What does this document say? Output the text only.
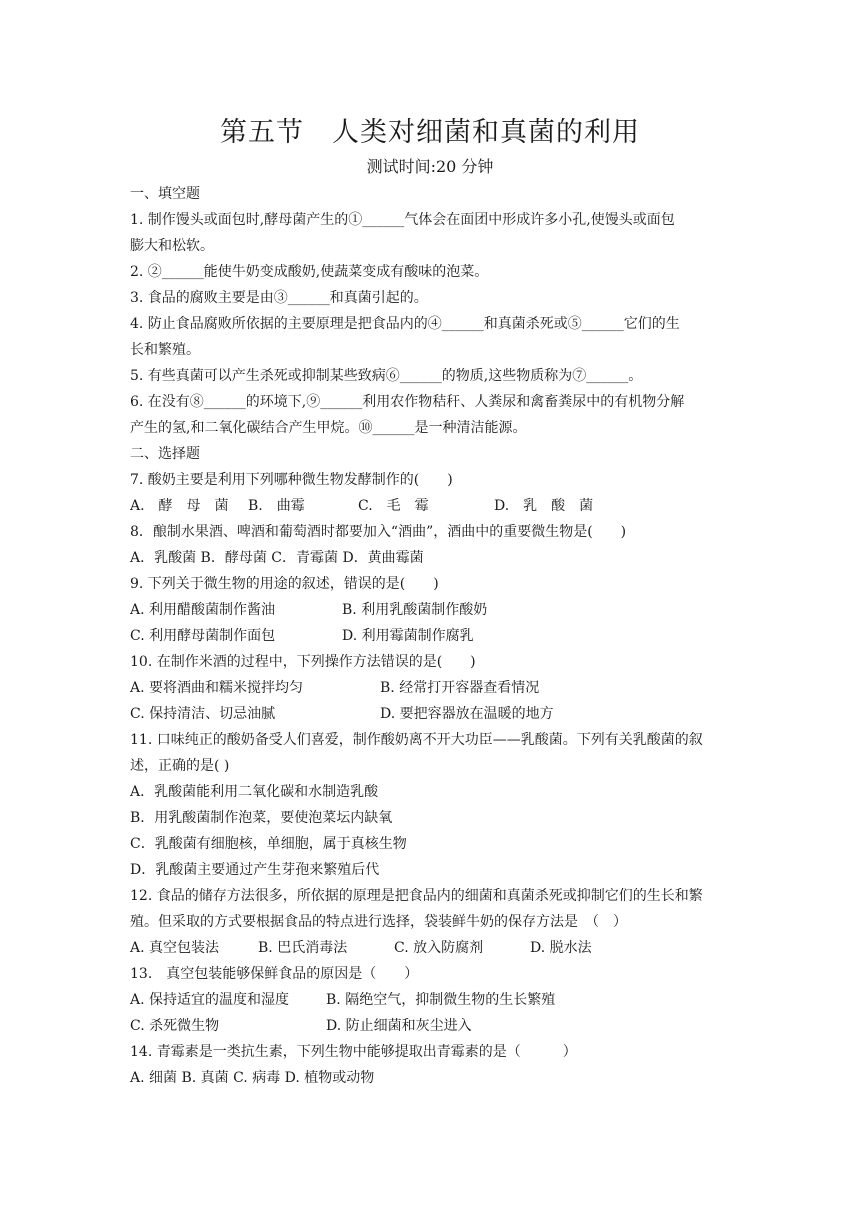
第五节　人类对细菌和真菌的利用
测试时间:20 分钟
一、填空题
1. 制作馒头或面包时,酵母菌产生的①______气体会在面团中形成许多小孔,使馒头或面包
膨大和松软。
2. ②______能使牛奶变成酸奶,使蔬菜变成有酸味的泡菜。
3. 食品的腐败主要是由③______和真菌引起的。
4. 防止食品腐败所依据的主要原理是把食品内的④______和真菌杀死或⑤______它们的生
长和繁殖。
5. 有些真菌可以产生杀死或抑制某些致病⑥______的物质,这些物质称为⑦______。
6. 在没有⑧______的环境下,⑨______利用农作物秸秆、人粪尿和禽畜粪尿中的有机物分解
产生的氢,和二氧化碳结合产生甲烷。⑩______是一种清洁能源。
二、选择题
7. 酸奶主要是利用下列哪种微生物发酵制作的(　　)
A.　酵　母　菌	B.　曲霉	C.　毛　霉	D.　乳　酸　菌
8．酿制水果酒、啤酒和葡萄酒时都要加入“酒曲”，酒曲中的重要微生物是(　　)
A．乳酸菌 B．酵母菌 C．青霉菌 D．黄曲霉菌
9. 下列关于微生物的用途的叙述，错误的是(　　)
A. 利用醋酸菌制作酱油	B. 利用乳酸菌制作酸奶
C. 利用酵母菌制作面包	D. 利用霉菌制作腐乳
10. 在制作米酒的过程中，下列操作方法错误的是(　　)
A. 要将酒曲和糯米搅拌均匀	B. 经常打开容器查看情况
C. 保持清洁、切忌油腻	D. 要把容器放在温暖的地方
11. 口味纯正的酸奶备受人们喜爱，制作酸奶离不开大功臣——乳酸菌。下列有关乳酸菌的叙
述，正确的是( )
A．乳酸菌能利用二氧化碳和水制造乳酸
B．用乳酸菌制作泡菜，要使泡菜坛内缺氧
C．乳酸菌有细胞核，单细胞，属于真核生物
D．乳酸菌主要通过产生芽孢来繁殖后代
12. 食品的储存方法很多，所依据的原理是把食品内的细菌和真菌杀死或抑制它们的生长和繁
殖。但采取的方式要根据食品的特点进行选择，袋装鲜牛奶的保存方法是　（　）
A. 真空包装法	B. 巴氏消毒法	C. 放入防腐剂	D. 脱水法
13.　真空包装能够保鲜食品的原因是（　　）
A. 保持适宜的温度和湿度	B. 隔绝空气，抑制微生物的生长繁殖
C. 杀死微生物	D. 防止细菌和灰尘进入
14. 青霉素是一类抗生素，下列生物中能够提取出青霉素的是（　　　）
A. 细菌 B. 真菌 C. 病毒 D. 植物或动物
